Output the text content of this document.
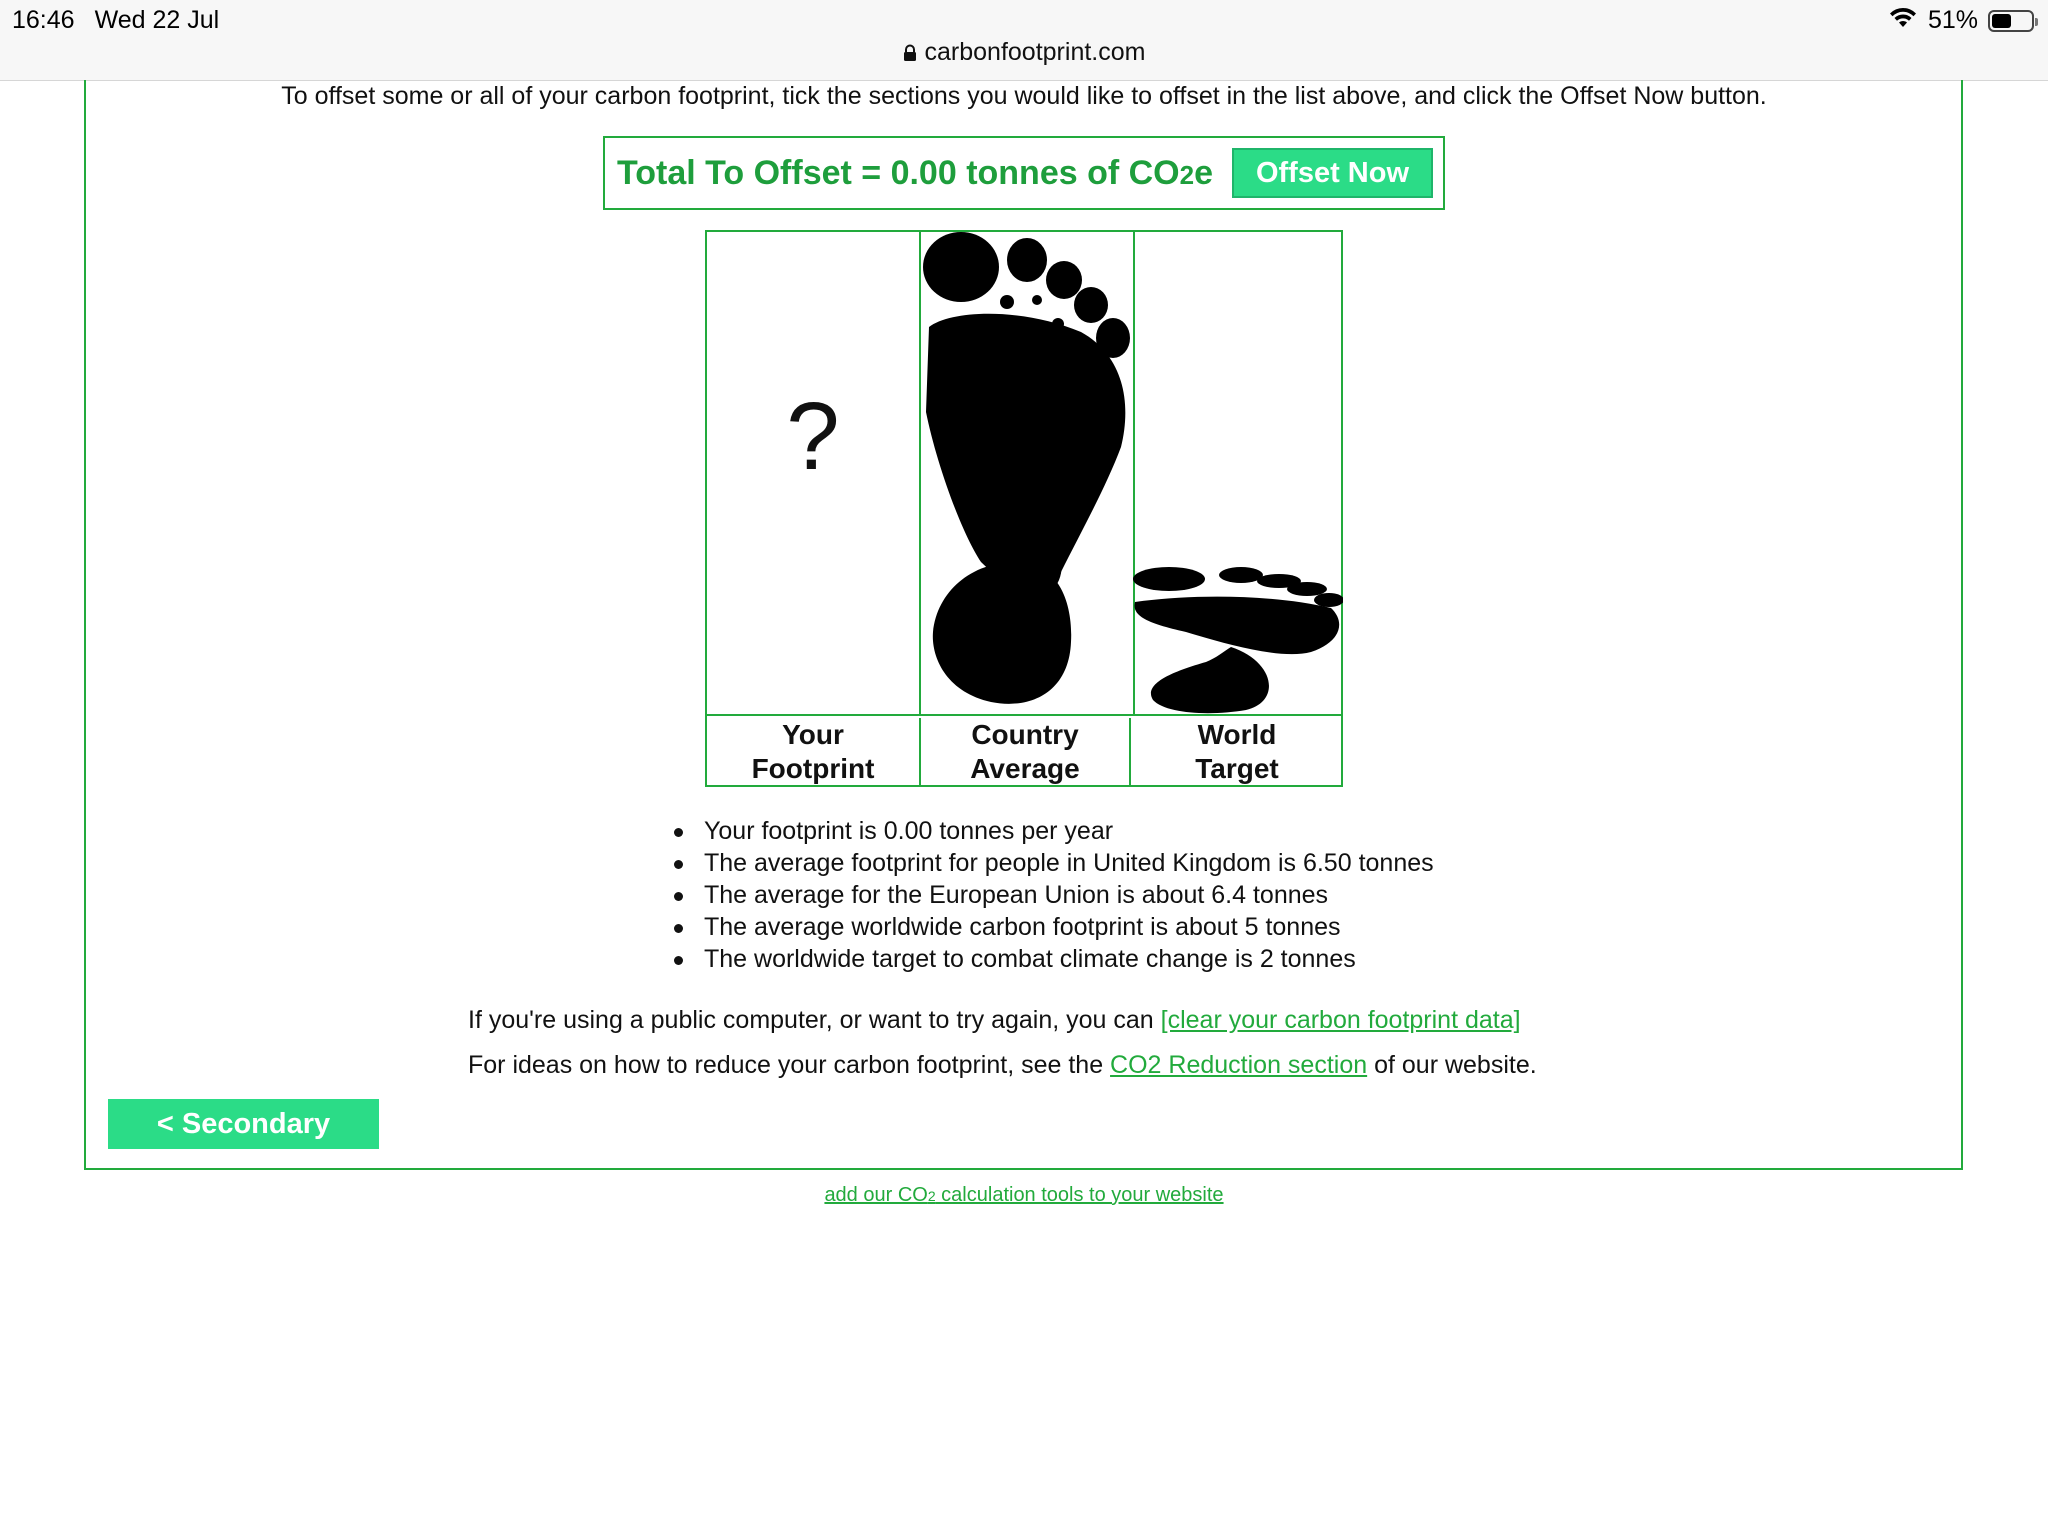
16:46 Wed 22 Jul	51%
carbonfootprint.com
To offset some or all of your carbon footprint, tick the sections you would like to offset in the list above, and click the Offset Now button.
Total To Offset = 0.00 tonnes of CO2e	Offset Now
?
Your
Footprint
Country
Average
World
Target
Your footprint is 0.00 tonnes per year
The average footprint for people in United Kingdom is 6.50 tonnes
The average for the European Union is about 6.4 tonnes
The average worldwide carbon footprint is about 5 tonnes
The worldwide target to combat climate change is 2 tonnes
If you're using a public computer, or want to try again, you can [clear your carbon footprint data]
For ideas on how to reduce your carbon footprint, see the CO2 Reduction section of our website.
< Secondary
add our CO2 calculation tools to your website
